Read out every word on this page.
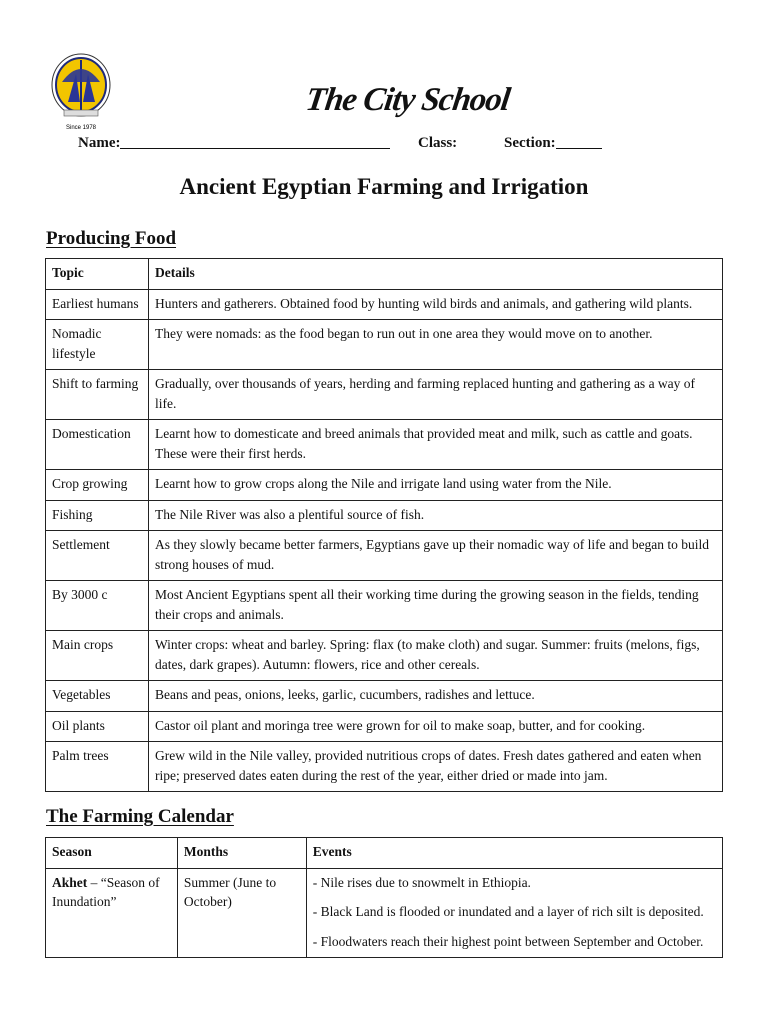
Since 1978
The City School
Name:	Class:	Section:
Ancient Egyptian Farming and Irrigation
Producing Food
Topic	Details
Earliest humans	Hunters and gatherers. Obtained food by hunting wild birds and animals, and gathering wild plants.
Nomadic lifestyle	They were nomads: as the food began to run out in one area they would move on to another.
Shift to farming	Gradually, over thousands of years, herding and farming replaced hunting and gathering as a way of life.
Domestication	Learnt how to domesticate and breed animals that provided meat and milk, such as cattle and goats. These were their first herds.
Crop growing	Learnt how to grow crops along the Nile and irrigate land using water from the Nile.
Fishing	The Nile River was also a plentiful source of fish.
Settlement	As they slowly became better farmers, Egyptians gave up their nomadic way of life and began to build strong houses of mud.
By 3000 c	Most Ancient Egyptians spent all their working time during the growing season in the fields, tending their crops and animals.
Main crops	Winter crops: wheat and barley. Spring: flax (to make cloth) and sugar. Summer: fruits (melons, figs, dates, dark grapes). Autumn: flowers, rice and other cereals.
Vegetables	Beans and peas, onions, leeks, garlic, cucumbers, radishes and lettuce.
Oil plants	Castor oil plant and moringa tree were grown for oil to make soap, butter, and for cooking.
Palm trees	Grew wild in the Nile valley, provided nutritious crops of dates. Fresh dates gathered and eaten when ripe; preserved dates eaten during the rest of the year, either dried or made into jam.
The Farming Calendar
Season	Months	Events
Akhet – “Season of Inundation”	Summer (June to October)	- Nile rises due to snowmelt in Ethiopia.

- Black Land is flooded or inundated and a layer of rich silt is deposited.

- Floodwaters reach their highest point between September and October.
